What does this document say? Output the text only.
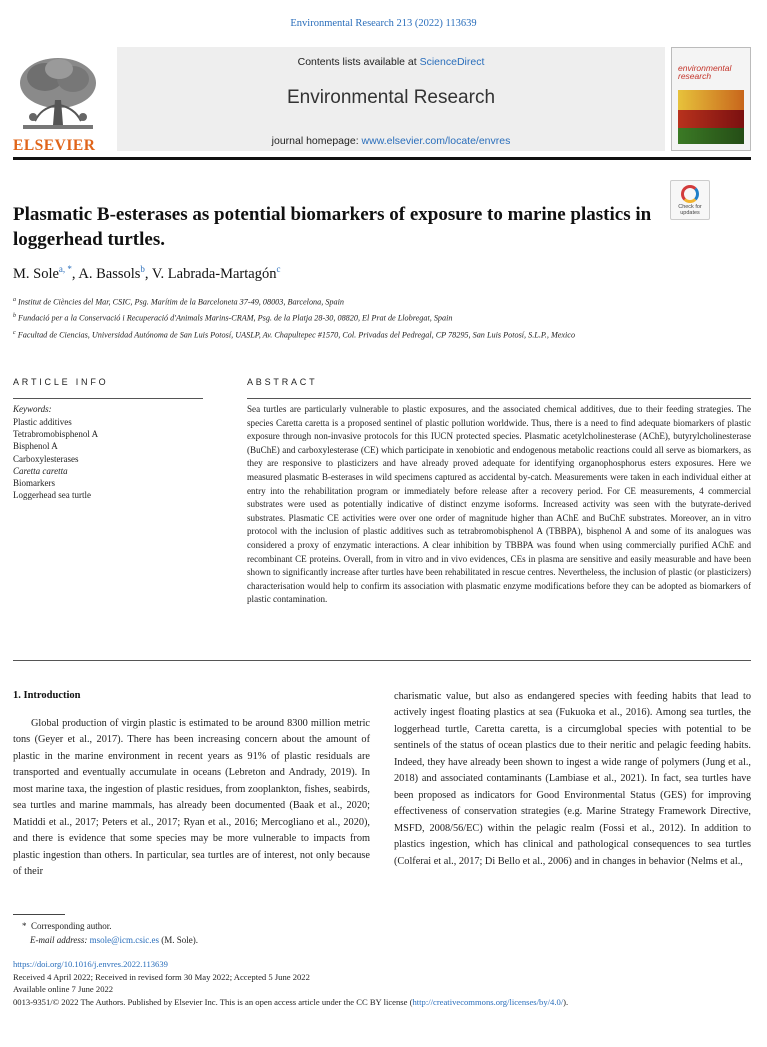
Environmental Research 213 (2022) 113639
ELSEVIER
Contents lists available at ScienceDirect
Environmental Research
journal homepage: www.elsevier.com/locate/envres
environmental
research
Check for updates
Plasmatic B-esterases as potential biomarkers of exposure to marine plastics in loggerhead turtles.
M. Sole$^{a, *}$, A. Bassols$^b$, V. Labrada-Martagón$^c$

$^a$ Institut de Ciències del Mar, CSIC, Psg. Marítim de la Barceloneta 37-49, 08003, Barcelona, Spain

$^b$ Fundació per a la Conservació i Recuperació d'Animals Marins-CRAM, Psg. de la Platja 28-30, 08820, El Prat de Llobregat, Spain

$^c$ Facultad de Ciencias, Universidad Autónoma de San Luis Potosí, UASLP, Av. Chapultepec #1570, Col. Privadas del Pedregal, CP 78295, San Luis Potosí, S.L.P., Mexico

ARTICLE INFO
Keywords:
Plastic additives
Tetrabromobisphenol A
Bisphenol A
Carboxylesterases
Caretta caretta
Biomarkers
Loggerhead sea turtle
ABSTRACT
Sea turtles are particularly vulnerable to plastic exposures, and the associated chemical additives, due to their feeding strategies. The species Caretta caretta is a proposed sentinel of plastic pollution worldwide. Thus, there is a need to find adequate biomarkers of plastic exposure through non-invasive protocols for this IUCN protected species. Plasmatic acetylcholinesterase (AChE), butyrylcholinesterase (BuChE) and carboxylesterase (CE) which participate in xenobiotic and endogenous metabolic reactions could all serve as biomarkers, as they are responsive to plasticizers and have already proved adequate for identifying organophosphorus esters exposures. Here we measured plasmatic B-esterases in wild specimens captured as accidental by-catch. Measurements were taken in each individual either at entry into the rehabilitation program or immediately before release after a recovery period. For CE measurements, 4 commercial substrates were used as potentially indicative of distinct enzyme isoforms. Increased activity was seen with the butyrate-derived substrates. Plasmatic CE activities were over one order of magnitude higher than AChE and BuChE substrates. Moreover, an in vitro protocol with the inclusion of plastic additives such as tetrabromobisphenol A (TBBPA), bisphenol A and some of its analogues was considered a proxy of enzymatic interactions. A clear inhibition by TBBPA was found when using commercially purified AChE and recombinant CE proteins. Overall, from in vitro and in vivo evidences, CEs in plasma are sensitive and easily measurable and have been shown to significantly increase after turtles have been rehabilitated in rescue centres. Nevertheless, the inclusion of plastic (or plasticizers) characterisation would help to confirm its association with plasmatic enzyme modifications before they can be adopted as biomarkers of plastic contamination.
1. Introduction
Global production of virgin plastic is estimated to be around 8300 million metric tons (Geyer et al., 2017). There has been increasing concern about the amount of plastic in the marine environment in recent years as 91% of plastic residuals are transported and eventually accumulate in oceans (Lebreton and Andrady, 2019). In most marine taxa, the ingestion of plastic residues, from zooplankton, fishes, seabirds, sea turtles and marine mammals, has already been documented (Baak et al., 2020; Matiddi et al., 2017; Peters et al., 2017; Ryan et al., 2016; Mercogliano et al., 2020), and there is evidence that some species may be more vulnerable to impacts from plastic ingestion than others. In particular, sea turtles are of interest, not only because of their
charismatic value, but also as endangered species with feeding habits that lead to actively ingest floating plastics at sea (Fukuoka et al., 2016). Among sea turtles, the loggerhead turtle, Caretta caretta, is a circumglobal species with potential to be sentinels of the status of ocean plastics due to their neritic and pelagic feeding habits. Indeed, they have already been shown to ingest a wide range of polymers (Jung et al., 2018) and associated contaminants (Lambiase et al., 2021). In fact, sea turtles have been proposed as indicators for Good Environmental Status (GES) for improving effectiveness of conservation strategies (e.g. Marine Strategy Framework Directive, MSFD, 2008/56/EC) within the pelagic realm (Fossi et al., 2012). In addition to plastics ingestion, which has clinical and pathological consequences to sea turtles (Colferai et al., 2017; Di Bello et al., 2006) and in changes in behavior (Nelms et al.,
* Corresponding author.
E-mail address: msole@icm.csic.es (M. Sole).
https://doi.org/10.1016/j.envres.2022.113639
Received 4 April 2022; Received in revised form 30 May 2022; Accepted 5 June 2022
Available online 7 June 2022
0013-9351/© 2022 The Authors. Published by Elsevier Inc. This is an open access article under the CC BY license (http://creativecommons.org/licenses/by/4.0/).
